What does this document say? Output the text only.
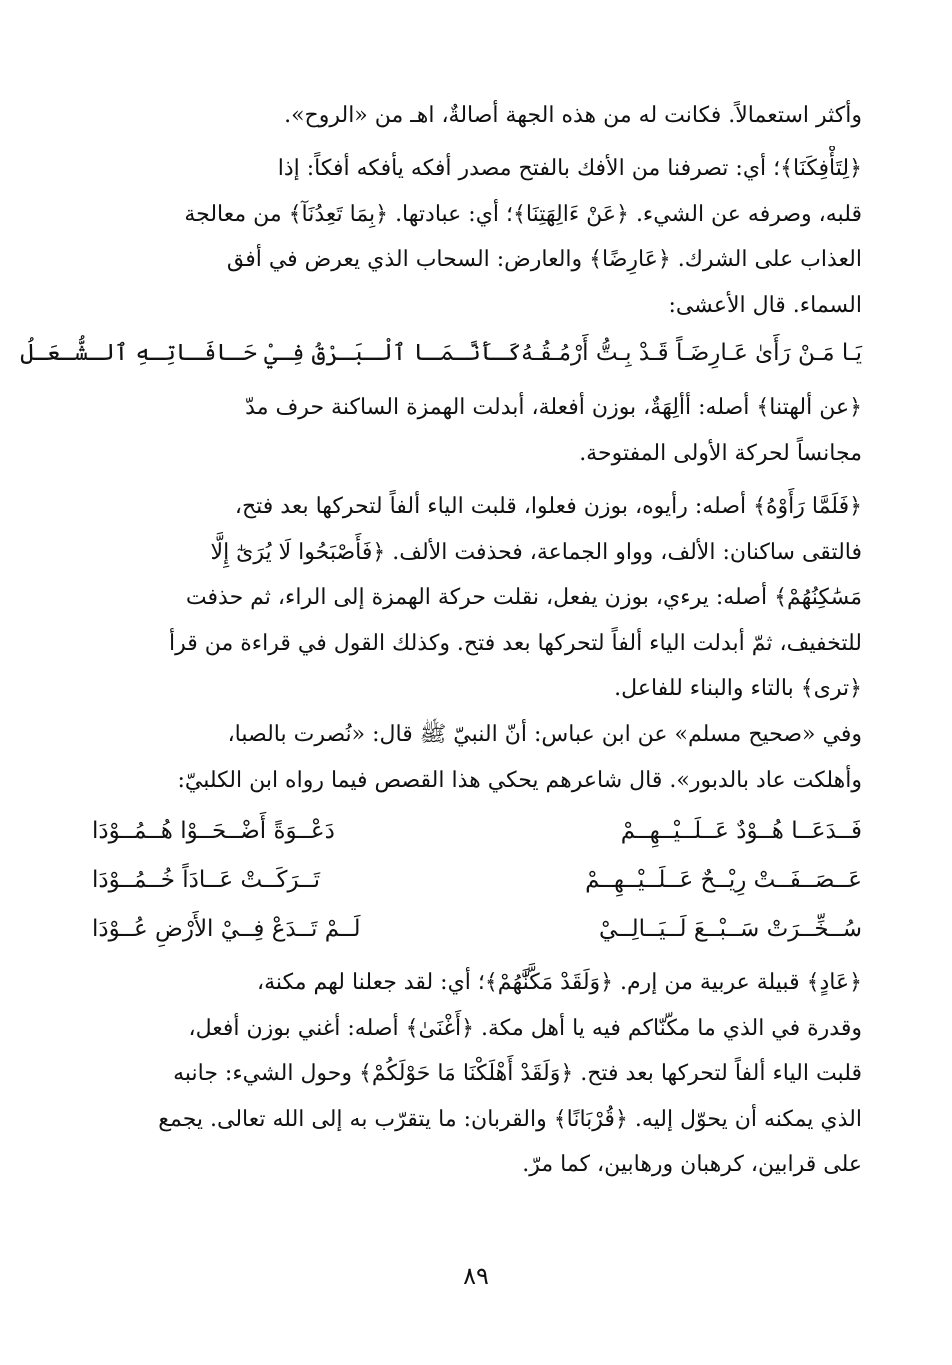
وأكثر استعمالاً. فكانت له من هذه الجهة أصالةٌ، اهـ من «الروح».
﴿لِتَأْفِكَنَا﴾؛ أي: تصرفنا من الأفك بالفتح مصدر أفكه يأفكه أفكاً: إذا
قلبه، وصرفه عن الشيء. ﴿عَنْ ءَالِهَتِنَا﴾؛ أي: عبادتها. ﴿بِمَا تَعِدُنَآ﴾ من معالجة
العذاب على الشرك. ﴿عَارِضًا﴾ والعارض: السحاب الذي يعرض في أفق
السماء. قال الأعشى:
يَـا مَـنْ رَأَىٰ عَـارِضَـاً قَـدْ بِـتُّ أَرْمُـقُـهُ
كَـأَنَّـمَـا ٱلْـبَـرْقُ فِـيْ حَـافَـاتِـهِ ٱلـشُّـعَـلُ
﴿عن ألهتنا﴾ أصله: أألِهَةٌ، بوزن أفعلة، أبدلت الهمزة الساكنة حرف مدّ
مجانساً لحركة الأولى المفتوحة.
﴿فَلَمَّا رَأَوْهُ﴾ أصله: رأيوه، بوزن فعلوا، قلبت الياء ألفاً لتحركها بعد فتح،
فالتقى ساكنان: الألف، وواو الجماعة، فحذفت الألف. ﴿فَأَصْبَحُوا لَا يُرَىٰٓ إِلَّا
مَسَٰكِنُهُمْ﴾ أصله: يرءي، بوزن يفعل، نقلت حركة الهمزة إلى الراء، ثم حذفت
للتخفيف، ثمّ أبدلت الياء ألفاً لتحركها بعد فتح. وكذلك القول في قراءة من قرأ
﴿ترى﴾ بالتاء والبناء للفاعل.
وفي «صحيح مسلم» عن ابن عباس: أنّ النبيّ ﷺ قال: «نُصرت بالصبا،
وأهلكت عاد بالدبور». قال شاعرهم يحكي هذا القصص فيما رواه ابن الكلبيّ:
فَــدَعَــا هُــوْدٌ عَــلَــيْــهِــمْ
دَعْــوَةً أَضْــحَــوْا هُــمُــوْدَا
عَــصَــفَــتْ رِيْــحٌ عَــلَــيْــهِــمْ
تَــرَكَــتْ عَــادَاً خُــمُــوْدَا
سُــخِّــرَتْ سَــبْــعَ لَــيَــالِــيْ
لَــمْ تَــدَعْ فِــيْ الأَرْضِ عُــوْدَا
﴿عَادٍ﴾ قبيلة عربية من إرم. ﴿وَلَقَدْ مَكَّنَّٰهُمْ﴾؛ أي: لقد جعلنا لهم مكنة،
وقدرة في الذي ما مكّنّاكم فيه يا أهل مكة. ﴿أَغْنَىٰ﴾ أصله: أغني بوزن أفعل،
قلبت الياء ألفاً لتحركها بعد فتح. ﴿وَلَقَدْ أَهْلَكْنَا مَا حَوْلَكُمْ﴾ وحول الشيء: جانبه
الذي يمكنه أن يحوّل إليه. ﴿قُرْبَانًا﴾ والقربان: ما يتقرّب به إلى الله تعالى. يجمع
على قرابين، كرهبان ورهابين، كما مرّ.
٨٩
